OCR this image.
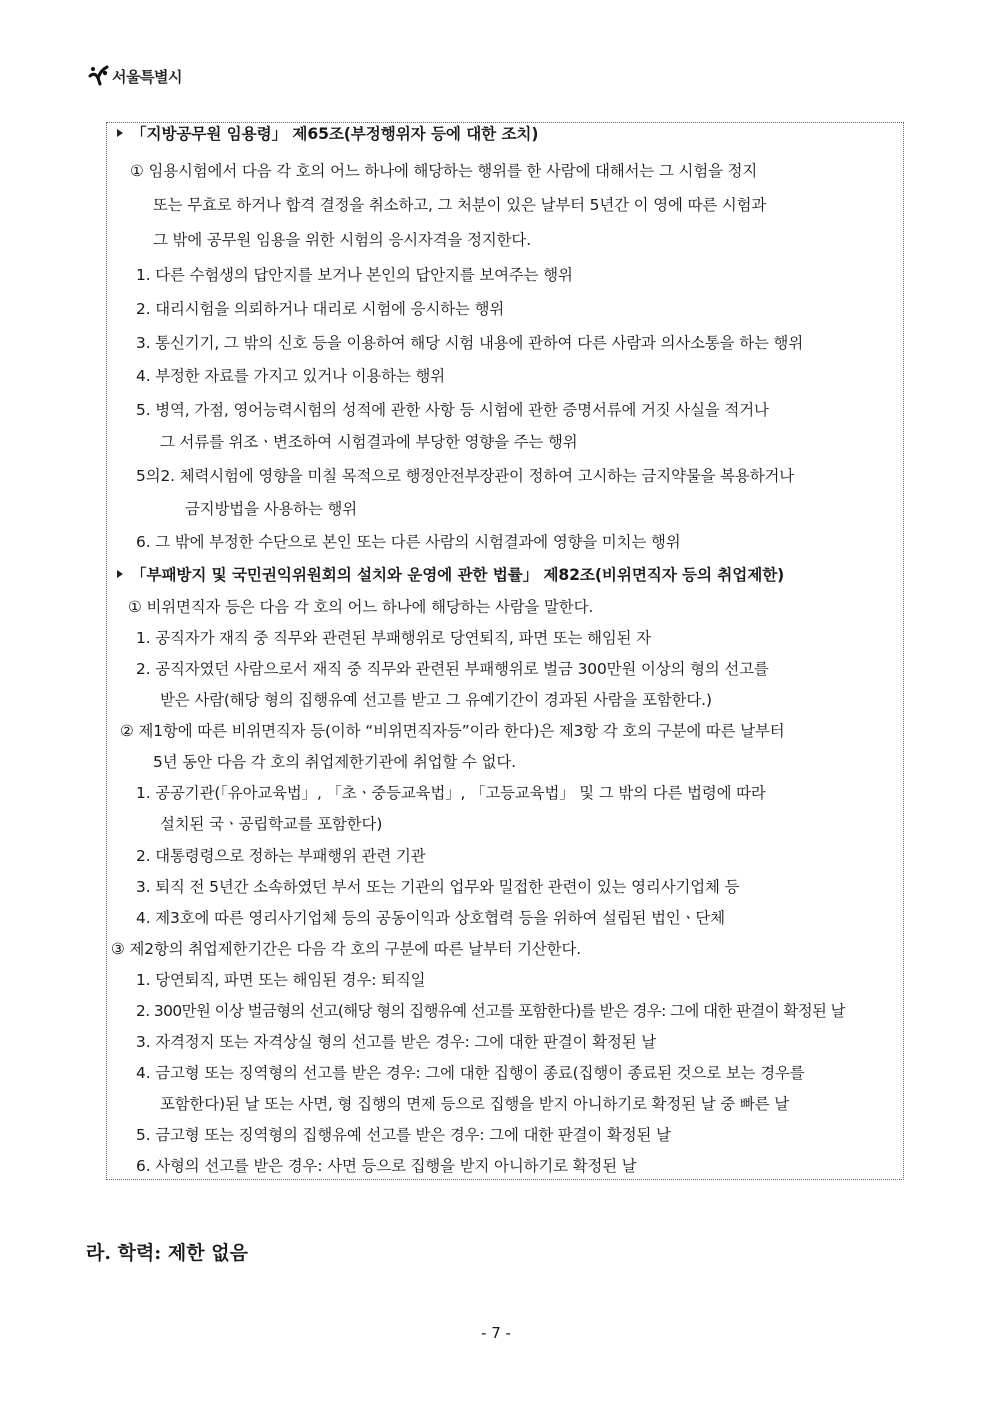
서울특별시
「지방공무원 임용령」 제65조(부정행위자 등에 대한 조치)
① 임용시험에서 다음 각 호의 어느 하나에 해당하는 행위를 한 사람에 대해서는 그 시험을 정지
또는 무효로 하거나 합격 결정을 취소하고, 그 처분이 있은 날부터 5년간 이 영에 따른 시험과
그 밖에 공무원 임용을 위한 시험의 응시자격을 정지한다.
1. 다른 수험생의 답안지를 보거나 본인의 답안지를 보여주는 행위
2. 대리시험을 의뢰하거나 대리로 시험에 응시하는 행위
3. 통신기기, 그 밖의 신호 등을 이용하여 해당 시험 내용에 관하여 다른 사람과 의사소통을 하는 행위
4. 부정한 자료를 가지고 있거나 이용하는 행위
5. 병역, 가점, 영어능력시험의 성적에 관한 사항 등 시험에 관한 증명서류에 거짓 사실을 적거나
그 서류를 위조ㆍ변조하여 시험결과에 부당한 영향을 주는 행위
5의2. 체력시험에 영향을 미칠 목적으로 행정안전부장관이 정하여 고시하는 금지약물을 복용하거나
금지방법을 사용하는 행위
6. 그 밖에 부정한 수단으로 본인 또는 다른 사람의 시험결과에 영향을 미치는 행위
「부패방지 및 국민권익위원회의 설치와 운영에 관한 법률」 제82조(비위면직자 등의 취업제한)
① 비위면직자 등은 다음 각 호의 어느 하나에 해당하는 사람을 말한다.
1. 공직자가 재직 중 직무와 관련된 부패행위로 당연퇴직, 파면 또는 해임된 자
2. 공직자였던 사람으로서 재직 중 직무와 관련된 부패행위로 벌금 300만원 이상의 형의 선고를
받은 사람(해당 형의 집행유예 선고를 받고 그 유예기간이 경과된 사람을 포함한다.)
② 제1항에 따른 비위면직자 등(이하 “비위면직자등”이라 한다)은 제3항 각 호의 구분에 따른 날부터
5년 동안 다음 각 호의 취업제한기관에 취업할 수 없다.
1. 공공기관(「유아교육법」, 「초ㆍ중등교육법」, 「고등교육법」 및 그 밖의 다른 법령에 따라
설치된 국ㆍ공립학교를 포함한다)
2. 대통령령으로 정하는 부패행위 관련 기관
3. 퇴직 전 5년간 소속하였던 부서 또는 기관의 업무와 밀접한 관련이 있는 영리사기업체 등
4. 제3호에 따른 영리사기업체 등의 공동이익과 상호협력 등을 위하여 설립된 법인ㆍ단체
③ 제2항의 취업제한기간은 다음 각 호의 구분에 따른 날부터 기산한다.
1. 당연퇴직, 파면 또는 해임된 경우: 퇴직일
2. 300만원 이상 벌금형의 선고(해당 형의 집행유예 선고를 포함한다)를 받은 경우: 그에 대한 판결이 확정된 날
3. 자격정지 또는 자격상실 형의 선고를 받은 경우: 그에 대한 판결이 확정된 날
4. 금고형 또는 징역형의 선고를 받은 경우: 그에 대한 집행이 종료(집행이 종료된 것으로 보는 경우를
포함한다)된 날 또는 사면, 형 집행의 면제 등으로 집행을 받지 아니하기로 확정된 날 중 빠른 날
5. 금고형 또는 징역형의 집행유예 선고를 받은 경우: 그에 대한 판결이 확정된 날
6. 사형의 선고를 받은 경우: 사면 등으로 집행을 받지 아니하기로 확정된 날
라. 학력: 제한 없음
- 7 -
